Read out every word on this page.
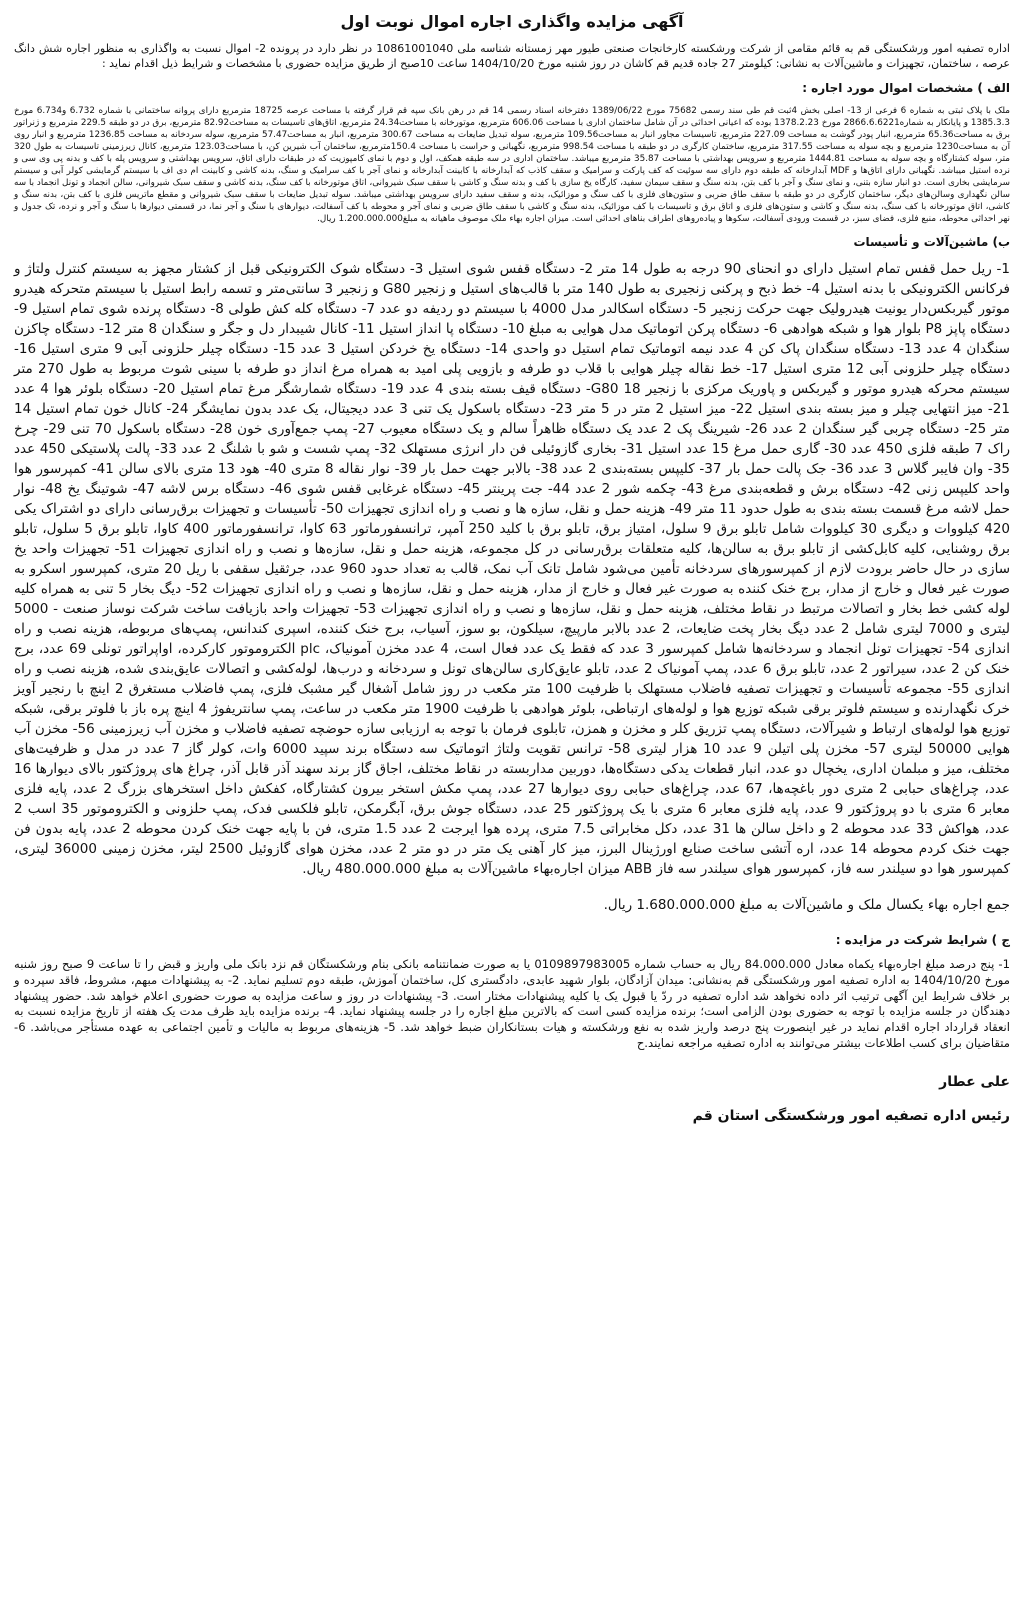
آگهی مزایده واگذاری اجاره اموال نوبت اول

اداره تصفیه امور ورشکستگی قم به قائم مقامی از شرکت ورشکسته کارخانجات صنعتی طیور مهر زمستانه شناسه ملی 10861001040 در نظر دارد در پرونده 2- اموال نسبت به واگذاری به منظور اجاره شش دانگ عرصه ، ساختمان، تجهیزات و ماشین‌آلات به نشانی: کیلومتر 27 جاده قدیم قم کاشان در روز شنبه مورخ 1404/10/20 ساعت 10صبح از طریق مزایده حضوری با مشخصات و شرایط ذیل اقدام نماید :

الف ) مشخصات اموال مورد اجاره :

ملک با پلاک ثبتی به شماره 6 فرعی از 13- اصلی بخش 4ثبت قم طی سند رسمی 75682 مورخ 1389/06/22 دفترخانه اسناد رسمی 14 قم در رهن بانک سپه قم قرار گرفته با مساحت عرصه 18725 مترمربع دارای پروانه ساختمانی با شماره 6.732 و6.734 مورخ 1385.3.3 و پایانکار به شماره2866.6.6221 مورخ 1378.2.23 بوده که اعیانی احداثی در آن شامل ساختمان اداری با مساحت 606.06 مترمربع، موتورخانه با مساحت24.34 مترمربع، اتاق‌های تاسیسات به مساحت82.92 مترمربع، برق در دو طبقه 229.5 مترمربع و ژنراتور برق به مساحت65.36 مترمربع، انبار پودر گوشت به مساحت 227.09 مترمربع، تاسیسات مجاور انبار به مساحت109.56 مترمربع، سوله تبدیل ضایعات به مساحت 300.67 مترمربع، انبار به مساحت57.47 مترمربع، سوله سردخانه به مساحت 1236.85 مترمربع و انبار روی آن به مساحت1230 مترمربع و بچه سوله به مساحت 317.55 مترمربع، ساختمان کارگری در دو طبقه با مساحت 998.54 مترمربع، نگهبانی و حراست با مساحت 150.4مترمربع، ساختمان آب شیرین کن، با مساحت123.03 مترمربع، کانال زیرزمینی تاسیسات به طول 320 متر، سوله کشتارگاه و بچه سوله به مساحت 1444.81 مترمربع و سرویس بهداشتی با مساحت 35.87 مترمربع میباشد. ساختمان اداری در سه طبقه همکف، اول و دوم با نمای کامپوزیت که در طبقات دارای اتاق، سرویس بهداشتی و سرویس پله با کف و بدنه پی وی سی و نرده استیل میباشد. نگهبانی دارای اتاق‌ها و MDF آبدارخانه که طبقه دوم دارای سه سوئیت که کف پارکت و سرامیک و سقف کاذب که آبدارخانه با کابینت آبدارخانه و نمای آجر با کف سرامیک و سنگ، بدنه کاشی و کابینت ام دی اف با سیستم گرمایشی کولر آبی و سیستم سرمایشی بخاری است. دو انبار سازه بتنی، و نمای سنگ و آجر با کف بتن، بدنه سنگ و سقف سیمان سفید، کارگاه یخ سازی با کف و بدنه سنگ و کاشی با سقف سبک شیروانی، اتاق موتورخانه با کف سنگ، بدنه کاشی و سقف سبک شیروانی، سالن انجماد و تونل انجماد با سه سالن نگهداری وسالن‌های دیگر، ساختمان کارگری در دو طبقه با سقف طاق ضربی و ستون‌های فلزی با کف سنگ و موزائیک، بدنه و سقف سفید دارای سرویس بهداشتی میباشد. سوله تبدیل ضایعات با سقف سبک شیروانی و مقطع ماتریس فلزی با کف بتن، بدنه سنگ و کاشی، اتاق موتورخانه با کف سنگ، بدنه سنگ و کاشی و ستون‌های فلزی و اتاق برق و تاسیسات با کف موزائیک، بدنه سنگ و کاشی با سقف طاق ضربی و نمای آجر و محوطه با کف آسفالت، دیوارهای با سنگ و آجر نما، در قسمتی دیوارها با سنگ و آجر و نرده، تک جدول و نهر احداثی محوطه، منبع فلزی، فضای سبز، در قسمت ورودی آسفالت، سکوها و پیاده‌روهای اطراف بناهای احداثی است. میزان اجاره بهاء ملک موصوف ماهیانه به مبلغ1.200.000.000 ریال.

ب) ماشین‌آلات و تأسیسات

1- ریل حمل قفس تمام استیل دارای دو انحنای 90 درجه به طول 14 متر 2- دستگاه قفس شوی استیل 3- دستگاه شوک الکترونیکی قبل از کشتار مجهز به سیستم کنترل ولتاژ و فرکانس الکترونیکی با بدنه استیل 4- خط ذبح و پرکنی زنجیری به طول 140 متر با قالب‌های استیل و زنجیر G80 و زنجیر 3 سانتی‌متر و تسمه رابط استیل با سیستم متحرکه هیدرو موتور گیربکس‌دار یونیت هیدرولیک جهت حرکت زنجیر 5- دستگاه اسکالدر مدل 4000 با سیستم دو ردیفه دو عدد 7- دستگاه کله کش طولی 8- دستگاه پرنده شوی تمام استیل 9- دستگاه پاپز P8 بلوار هوا و شبکه هوادهی 6- دستگاه پرکن اتوماتیک مدل هوایی به مبلغ 10- دستگاه پا انداز استیل 11- کانال شیبدار دل و جگر و سنگدان 8 متر 12- دستگاه چاکزن سنگدان 4 عدد 13- دستگاه سنگدان پاک کن 4 عدد نیمه اتوماتیک تمام استیل دو واحدی 14- دستگاه یخ خردکن استیل 3 عدد 15- دستگاه چیلر حلزونی آبی 9 متری استیل 16- دستگاه چیلر حلزونی آبی 12 متری استیل 17- خط نقاله چیلر هوایی با قلاب دو طرفه و بازویی پلی امید به همراه مرغ انداز دو طرفه با سینی شوت مربوط به طول 270 متر سیستم محرکه هیدرو موتور و گیربکس و پاوریک مرکزی با زنجیر G80 18- دستگاه قیف بسته بندی 4 عدد 19- دستگاه شمارشگر مرغ تمام استیل 20- دستگاه بلوئر هوا 4 عدد 21- میز انتهایی چیلر و میز بسته بندی استیل 22- میز استیل 2 متر در 5 متر 23- دستگاه باسکول یک تنی 3 عدد دیجیتال، یک عدد بدون نمایشگر 24- کانال خون تمام استیل 14 متر 25- دستگاه چربی گیر سنگدان 2 عدد 26- شیرینگ پک 2 عدد یک دستگاه ظاهراً سالم و یک دستگاه معیوب 27- پمپ جمع‌آوری خون 28- دستگاه باسکول 70 تنی 29- چرخ راک 7 طبقه فلزی 450 عدد 30- گاری حمل مرغ 15 عدد استیل 31- بخاری گازوئیلی فن دار انرژی مستهلک 32- پمپ شست و شو با شلنگ 2 عدد 33- پالت پلاستیکی 450 عدد 35- وان فایبر گلاس 3 عدد 36- جک پالت حمل بار 37- کلیپس بسته‌بندی 2 عدد 38- بالابر جهت حمل بار 39- نوار نقاله 8 متری 40- هود 13 متری بالای سالن 41- کمپرسور هوا واحد کلیپس زنی 42- دستگاه برش و قطعه‌بندی مرغ 43- چکمه شور 2 عدد 44- جت پرینتر 45- دستگاه غرغابی قفس شوی 46- دستگاه برس لاشه 47- شوتینگ یخ 48- نوار حمل لاشه مرغ قسمت بسته بندی به طول حدود 11 متر 49- هزینه حمل و نقل، سازه ها و نصب و راه اندازی تجهیزات 50- تأسیسات و تجهیزات برق‌رسانی دارای دو اشتراک یکی 420 کیلووات و دیگری 30 کیلووات شامل تابلو برق 9 سلول، امتیاز برق، تابلو برق با کلید 250 آمپر، ترانسفورماتور 63 کاوا، ترانسفورماتور 400 کاوا، تابلو برق 5 سلول، تابلو برق روشنایی، کلیه کابل‌کشی از تابلو برق به سالن‌ها، کلیه متعلقات برق‌رسانی در کل مجموعه، هزینه حمل و نقل، سازه‌ها و نصب و راه اندازی تجهیزات 51- تجهیزات واحد یخ سازی در حال حاضر برودت لازم از کمپرسورهای سردخانه تأمین می‌شود شامل تانک آب نمک، قالب به تعداد حدود 960 عدد، جرثقیل سقفی با ریل 20 متری، کمپرسور اسکرو به صورت غیر فعال و خارج از مدار، برج خنک کننده به صورت غیر فعال و خارج از مدار، هزینه حمل و نقل، سازه‌ها و نصب و راه اندازی تجهیزات 52- دیگ بخار 5 تنی به همراه کلیه لوله کشی خط بخار و اتصالات مرتبط در نقاط مختلف، هزینه حمل و نقل، سازه‌ها و نصب و راه اندازی تجهیزات 53- تجهیزات واحد بازیافت ساخت شرکت نوساز صنعت - 5000 لیتری و 7000 لیتری شامل 2 عدد دیگ بخار پخت ضایعات، 2 عدد بالابر مارپیچ، سیلکون، بو سوز، آسیاب، برج خنک کننده، اسپری کندانس، پمپ‌های مربوطه، هزینه نصب و راه اندازی 54- تجهیزات تونل انجماد و سردخانه‌ها شامل کمپرسور 3 عدد که فقط یک عدد فعال است، 4 عدد مخزن آمونیاک، plc الکتروموتور کارکرده، اواپراتور تونلی 69 عدد، برج خنک کن 2 عدد، سیراتور 2 عدد، تابلو برق 6 عدد، پمپ آمونیاک 2 عدد، تابلو عایق‌کاری سالن‌های تونل و سردخانه و درب‌ها، لوله‌کشی و اتصالات عایق‌بندی شده، هزینه نصب و راه اندازی 55- مجموعه تأسیسات و تجهیزات تصفیه فاضلاب مستهلک با ظرفیت 100 متر مکعب در روز شامل آشغال گیر مشبک فلزی، پمپ فاضلاب مستغرق 2 اینچ با رنجیر آویز خرک نگهدارنده و سیستم فلوتر برقی شبکه توزیع هوا و لوله‌های ارتباطی، بلوئر هوادهی با ظرفیت 1900 متر مکعب در ساعت، پمپ سانتریفوژ 4 اینچ پره باز با فلوتر برقی، شبکه توزیع هوا لوله‌های ارتباط و شیرآلات، دستگاه پمپ تزریق کلر و مخزن و همزن، تابلوی فرمان با توجه به ارزیابی سازه حوضچه تصفیه فاضلاب و مخزن آب زیرزمینی 56- مخزن آب هوایی 50000 لیتری 57- مخزن پلی اتیلن 9 عدد 10 هزار لیتری 58- ترانس تقویت ولتاژ اتوماتیک سه دستگاه برند سپید 6000 وات، کولر گاز 7 عدد در مدل و ظرفیت‌های مختلف، میز و مبلمان اداری، یخچال دو عدد، انبار قطعات یدکی دستگاه‌ها، دوربین مداربسته در نقاط مختلف، اجاق گاز برند سهند آذر قابل آذر، چراغ های پروژکتور بالای دیوارها 16 عدد، چراغ‌های حبابی 2 متری دور باغچه‌ها، 67 عدد، چراغ‌های حبابی روی دیوارها 27 عدد، پمپ مکش استخر بیرون کشتارگاه، کفکش داخل استخرهای بزرگ 2 عدد، پایه فلزی معابر 6 متری با دو پروژکتور 9 عدد، پایه فلزی معابر 6 متری با یک پروژکتور 25 عدد، دستگاه جوش برق، آبگرمکن، تابلو فلکسی فدک، پمپ حلزونی و الکتروموتور 35 اسب 2 عدد، هواکش 33 عدد محوطه 2 و داخل سالن ها 31 عدد، دکل مخابراتی 7.5 متری، پرده هوا ایرجت 2 عدد 1.5 متری، فن با پایه جهت خنک کردن محوطه 2 عدد، پایه بدون فن جهت خنک کردم محوطه 14 عدد، اره آتشی ساخت صنایع اورژینال البرز، میز کار آهنی یک متر در دو متر 2 عدد، مخزن هوای گازوئیل 2500 لیتر، مخزن زمینی 36000 لیتری، کمپرسور هوا دو سیلندر سه فاز، کمپرسور هوای سیلندر سه فاز ABB میزان اجاره‌بهاء ماشین‌آلات به مبلغ 480.000.000 ریال.

جمع اجاره بهاء یکسال ملک و ماشین‌آلات به مبلغ 1.680.000.000 ریال.

ج ) شرایط شرکت در مزایده :

1- پنج درصد مبلغ اجاره‌بهاء یکماه معادل 84.000.000 ریال به حساب شماره 0109897983005 یا به صورت ضمانتنامه بانکی بنام ورشکستگان قم نزد بانک ملی واریز و قبض را تا ساعت 9 صبح روز شنبه مورخ 1404/10/20 به اداره تصفیه امور ورشکستگی قم به‌نشانی: میدان آزادگان، بلوار شهید عابدی، دادگستری کل، ساختمان آموزش، طبقه دوم تسلیم نماید. 2- به پیشنهادات مبهم، مشروط، فاقد سپرده و بر خلاف شرایط این آگهی ترتیب اثر داده نخواهد شد اداره تصفیه در ردّ یا قبول یک یا کلیه پیشنهادات مختار است. 3- پیشنهادات در روز و ساعت مزایده به صورت حضوری اعلام خواهد شد. حضور پیشنهاد دهندگان در جلسه مزایده با توجه به حضوری بودن الزامی است؛ برنده مزایده کسی است که بالاترین مبلغ اجاره را در جلسه پیشنهاد نماید. 4- برنده مزایده باید ظرف مدت یک هفته از تاریخ مزایده نسبت به انعقاد قرارداد اجاره اقدام نماید در غیر اینصورت پنج درصد واریز شده به نفع ورشکسته و هیات بستانکاران ضبط خواهد شد. 5- هزینه‌های مربوط به مالیات و تأمین اجتماعی به عهده مستأجر می‌باشد. 6- متقاضیان برای کسب اطلاعات بیشتر می‌توانند به اداره تصفیه مراجعه نمایند.ح

علی عطار
رئیس اداره تصفیه امور ورشکستگی استان قم
